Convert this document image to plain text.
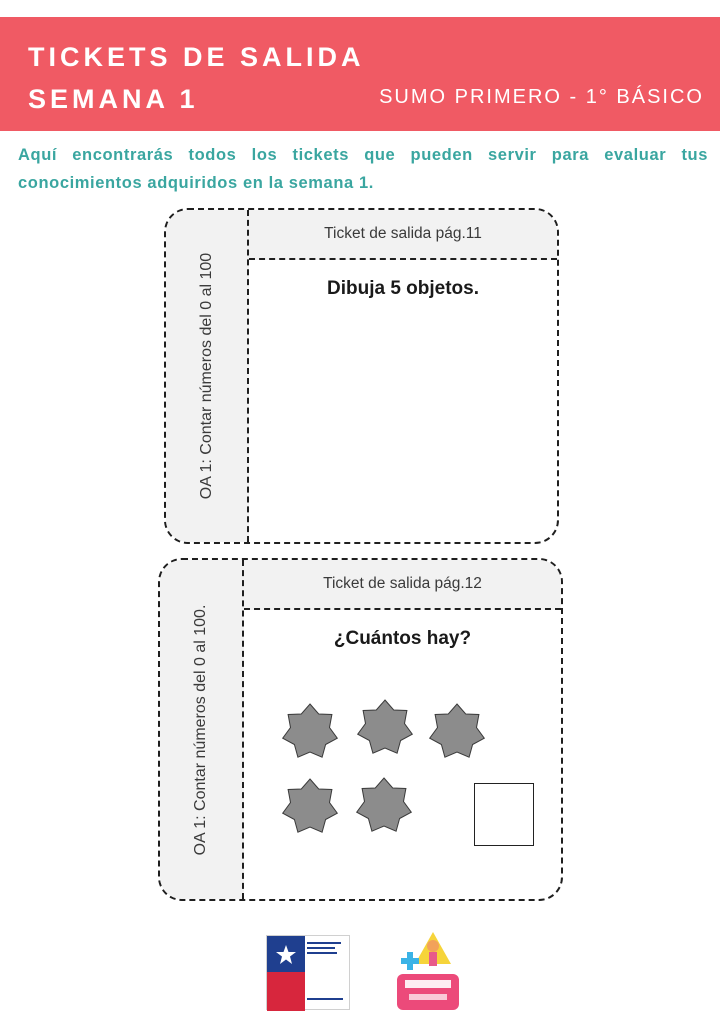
TICKETS DE SALIDA
SEMANA 1	SUMO PRIMERO - 1° BÁSICO
Aquí encontrarás todos los tickets que pueden servir para evaluar tus conocimientos adquiridos en la semana 1.
OA 1: Contar números del 0 al 100
Ticket de salida pág.11
Dibuja 5 objetos.
OA 1: Contar números del 0 al 100.
Ticket de salida pág.12
¿Cuántos hay?
